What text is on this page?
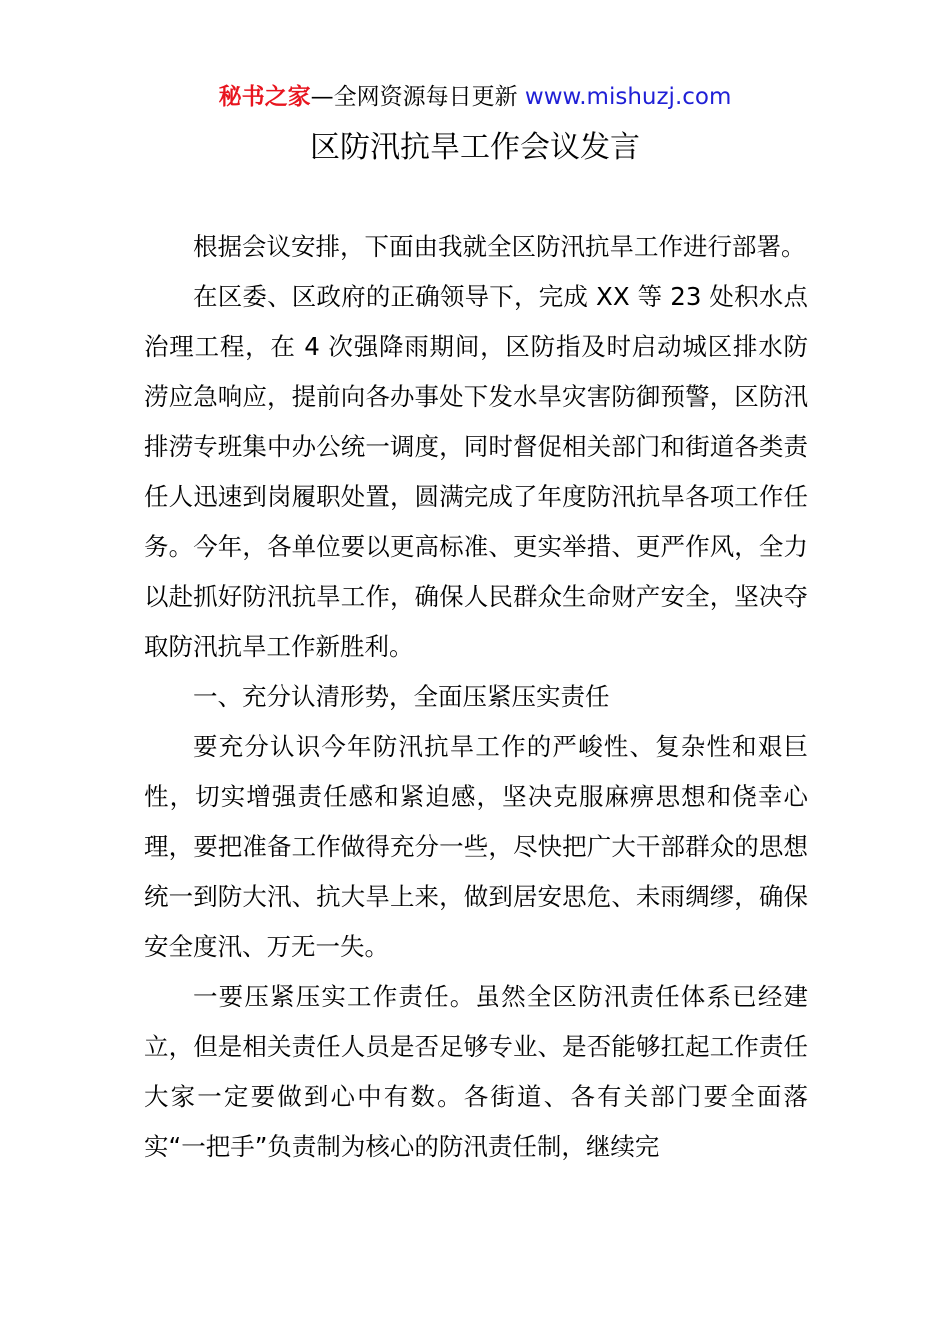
秘书之家—全网资源每日更新 www.mishuzj.com
区防汛抗旱工作会议发言

根据会议安排，下面由我就全区防汛抗旱工作进行部署。

在区委、区政府的正确领导下，完成 XX 等 23 处积水点治理工程，在 4 次强降雨期间，区防指及时启动城区排水防涝应急响应，提前向各办事处下发水旱灾害防御预警，区防汛排涝专班集中办公统一调度，同时督促相关部门和街道各类责任人迅速到岗履职处置，圆满完成了年度防汛抗旱各项工作任务。今年，各单位要以更高标准、更实举措、更严作风，全力以赴抓好防汛抗旱工作，确保人民群众生命财产安全，坚决夺取防汛抗旱工作新胜利。

一、充分认清形势，全面压紧压实责任

要充分认识今年防汛抗旱工作的严峻性、复杂性和艰巨性，切实增强责任感和紧迫感，坚决克服麻痹思想和侥幸心理，要把准备工作做得充分一些，尽快把广大干部群众的思想统一到防大汛、抗大旱上来，做到居安思危、未雨绸缪，确保安全度汛、万无一失。

一要压紧压实工作责任。虽然全区防汛责任体系已经建立，但是相关责任人员是否足够专业、是否能够扛起工作责任大家一定要做到心中有数。各街道、各有关部门要全面落实“一把手”负责制为核心的防汛责任制，继续完
